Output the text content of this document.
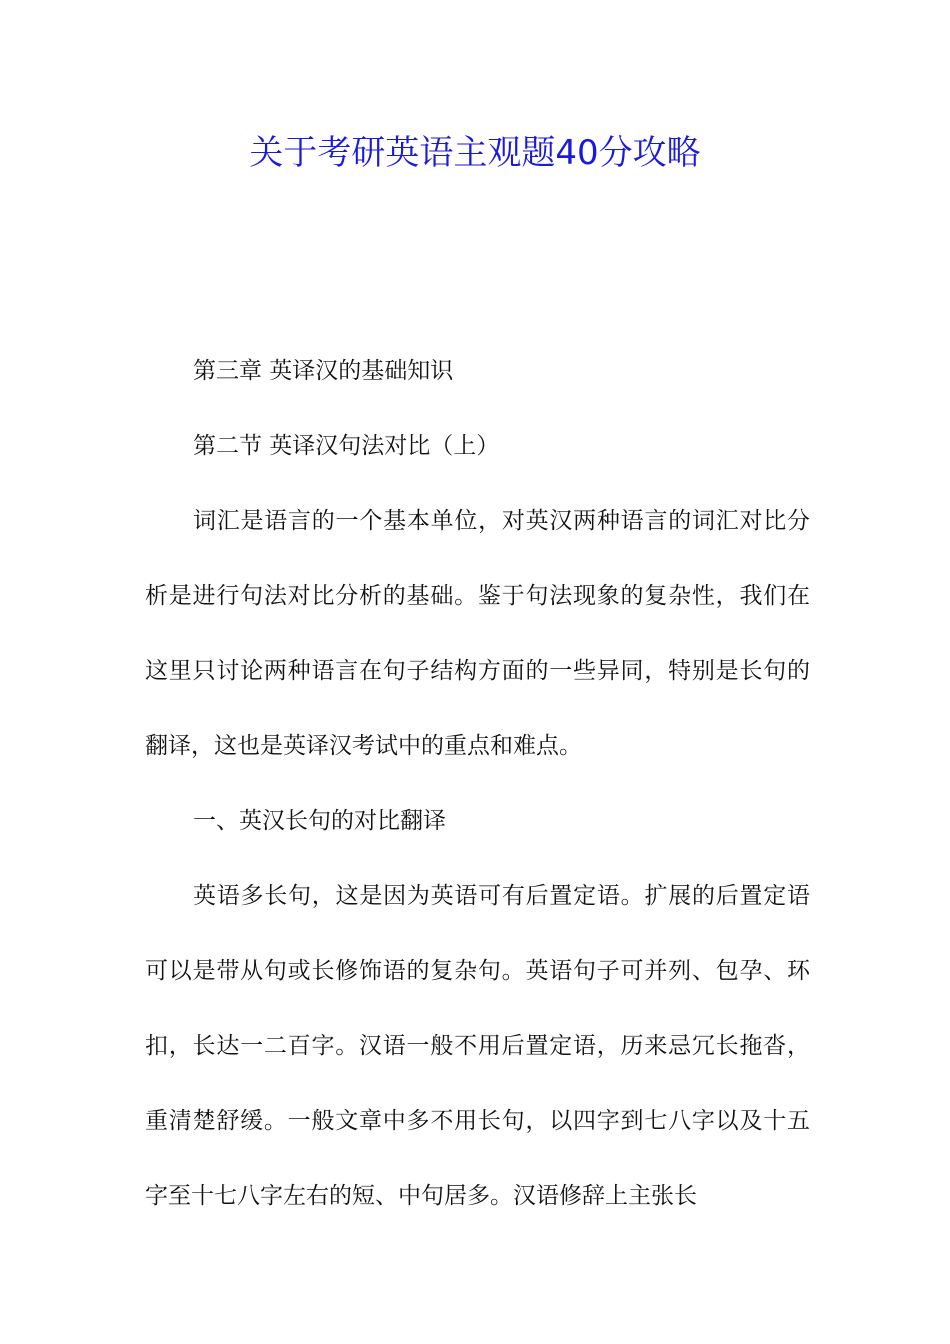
关于考研英语主观题40分攻略

第三章 英译汉的基础知识

第二节 英译汉句法对比（上）

词汇是语言的一个基本单位，对英汉两种语言的词汇对比分析是进行句法对比分析的基础。鉴于句法现象的复杂性，我们在这里只讨论两种语言在句子结构方面的一些异同，特别是长句的翻译，这也是英译汉考试中的重点和难点。

一、英汉长句的对比翻译

英语多长句，这是因为英语可有后置定语。扩展的后置定语可以是带从句或长修饰语的复杂句。英语句子可并列、包孕、环扣，长达一二百字。汉语一般不用后置定语，历来忌冗长拖沓，重清楚舒缓。一般文章中多不用长句，以四字到七八字以及十五字至十七八字左右的短、中句居多。汉语修辞上主张长
